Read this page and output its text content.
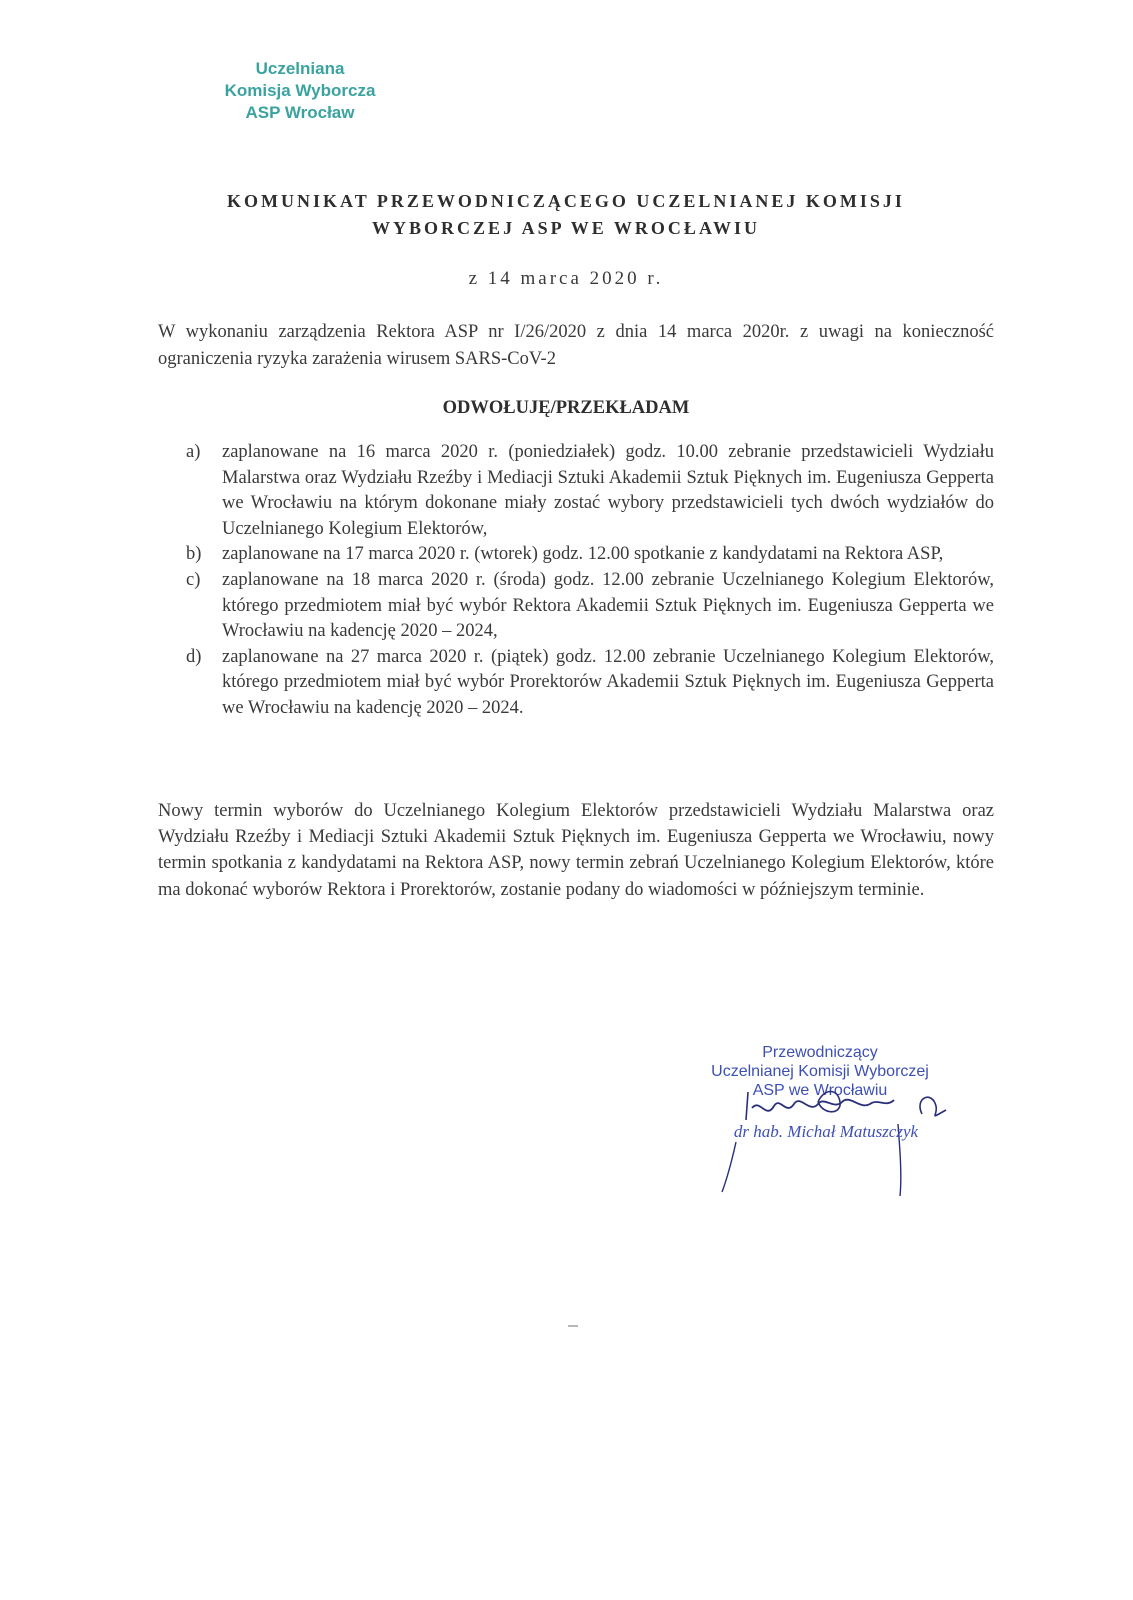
Uczelniana
Komisja Wyborcza
ASP Wrocław
KOMUNIKAT PRZEWODNICZĄCEGO UCZELNIANEJ KOMISJI
WYBORCZEJ ASP WE WROCŁAWIU
z 14 marca 2020 r.
W wykonaniu zarządzenia Rektora ASP nr I/26/2020 z dnia 14 marca 2020r. z uwagi na konieczność ograniczenia ryzyka zarażenia wirusem SARS-CoV-2
ODWOŁUJĘ/PRZEKŁADAM
a) zaplanowane na 16 marca 2020 r. (poniedziałek) godz. 10.00 zebranie przedstawicieli Wydziału Malarstwa oraz Wydziału Rzeźby i Mediacji Sztuki Akademii Sztuk Pięknych im. Eugeniusza Gepperta we Wrocławiu na którym dokonane miały zostać wybory przedstawicieli tych dwóch wydziałów do Uczelnianego Kolegium Elektorów,
b) zaplanowane na 17 marca 2020 r. (wtorek) godz. 12.00 spotkanie z kandydatami na Rektora ASP,
c) zaplanowane na 18 marca 2020 r. (środa) godz. 12.00 zebranie Uczelnianego Kolegium Elektorów, którego przedmiotem miał być wybór Rektora Akademii Sztuk Pięknych im. Eugeniusza Gepperta we Wrocławiu na kadencję 2020 – 2024,
d) zaplanowane na 27 marca 2020 r. (piątek) godz. 12.00 zebranie Uczelnianego Kolegium Elektorów, którego przedmiotem miał być wybór Prorektorów Akademii Sztuk Pięknych im. Eugeniusza Gepperta we Wrocławiu na kadencję 2020 – 2024.
Nowy termin wyborów do Uczelnianego Kolegium Elektorów przedstawicieli Wydziału Malarstwa oraz Wydziału Rzeźby i Mediacji Sztuki Akademii Sztuk Pięknych im. Eugeniusza Gepperta we Wrocławiu, nowy termin spotkania z kandydatami na Rektora ASP, nowy termin zebrań Uczelnianego Kolegium Elektorów, które ma dokonać wyborów Rektora i Prorektorów, zostanie podany do wiadomości w późniejszym terminie.
Przewodniczący
Uczelnianej Komisji Wyborczej
ASP we Wrocławiu
dr hab. Michał Matuszczyk
